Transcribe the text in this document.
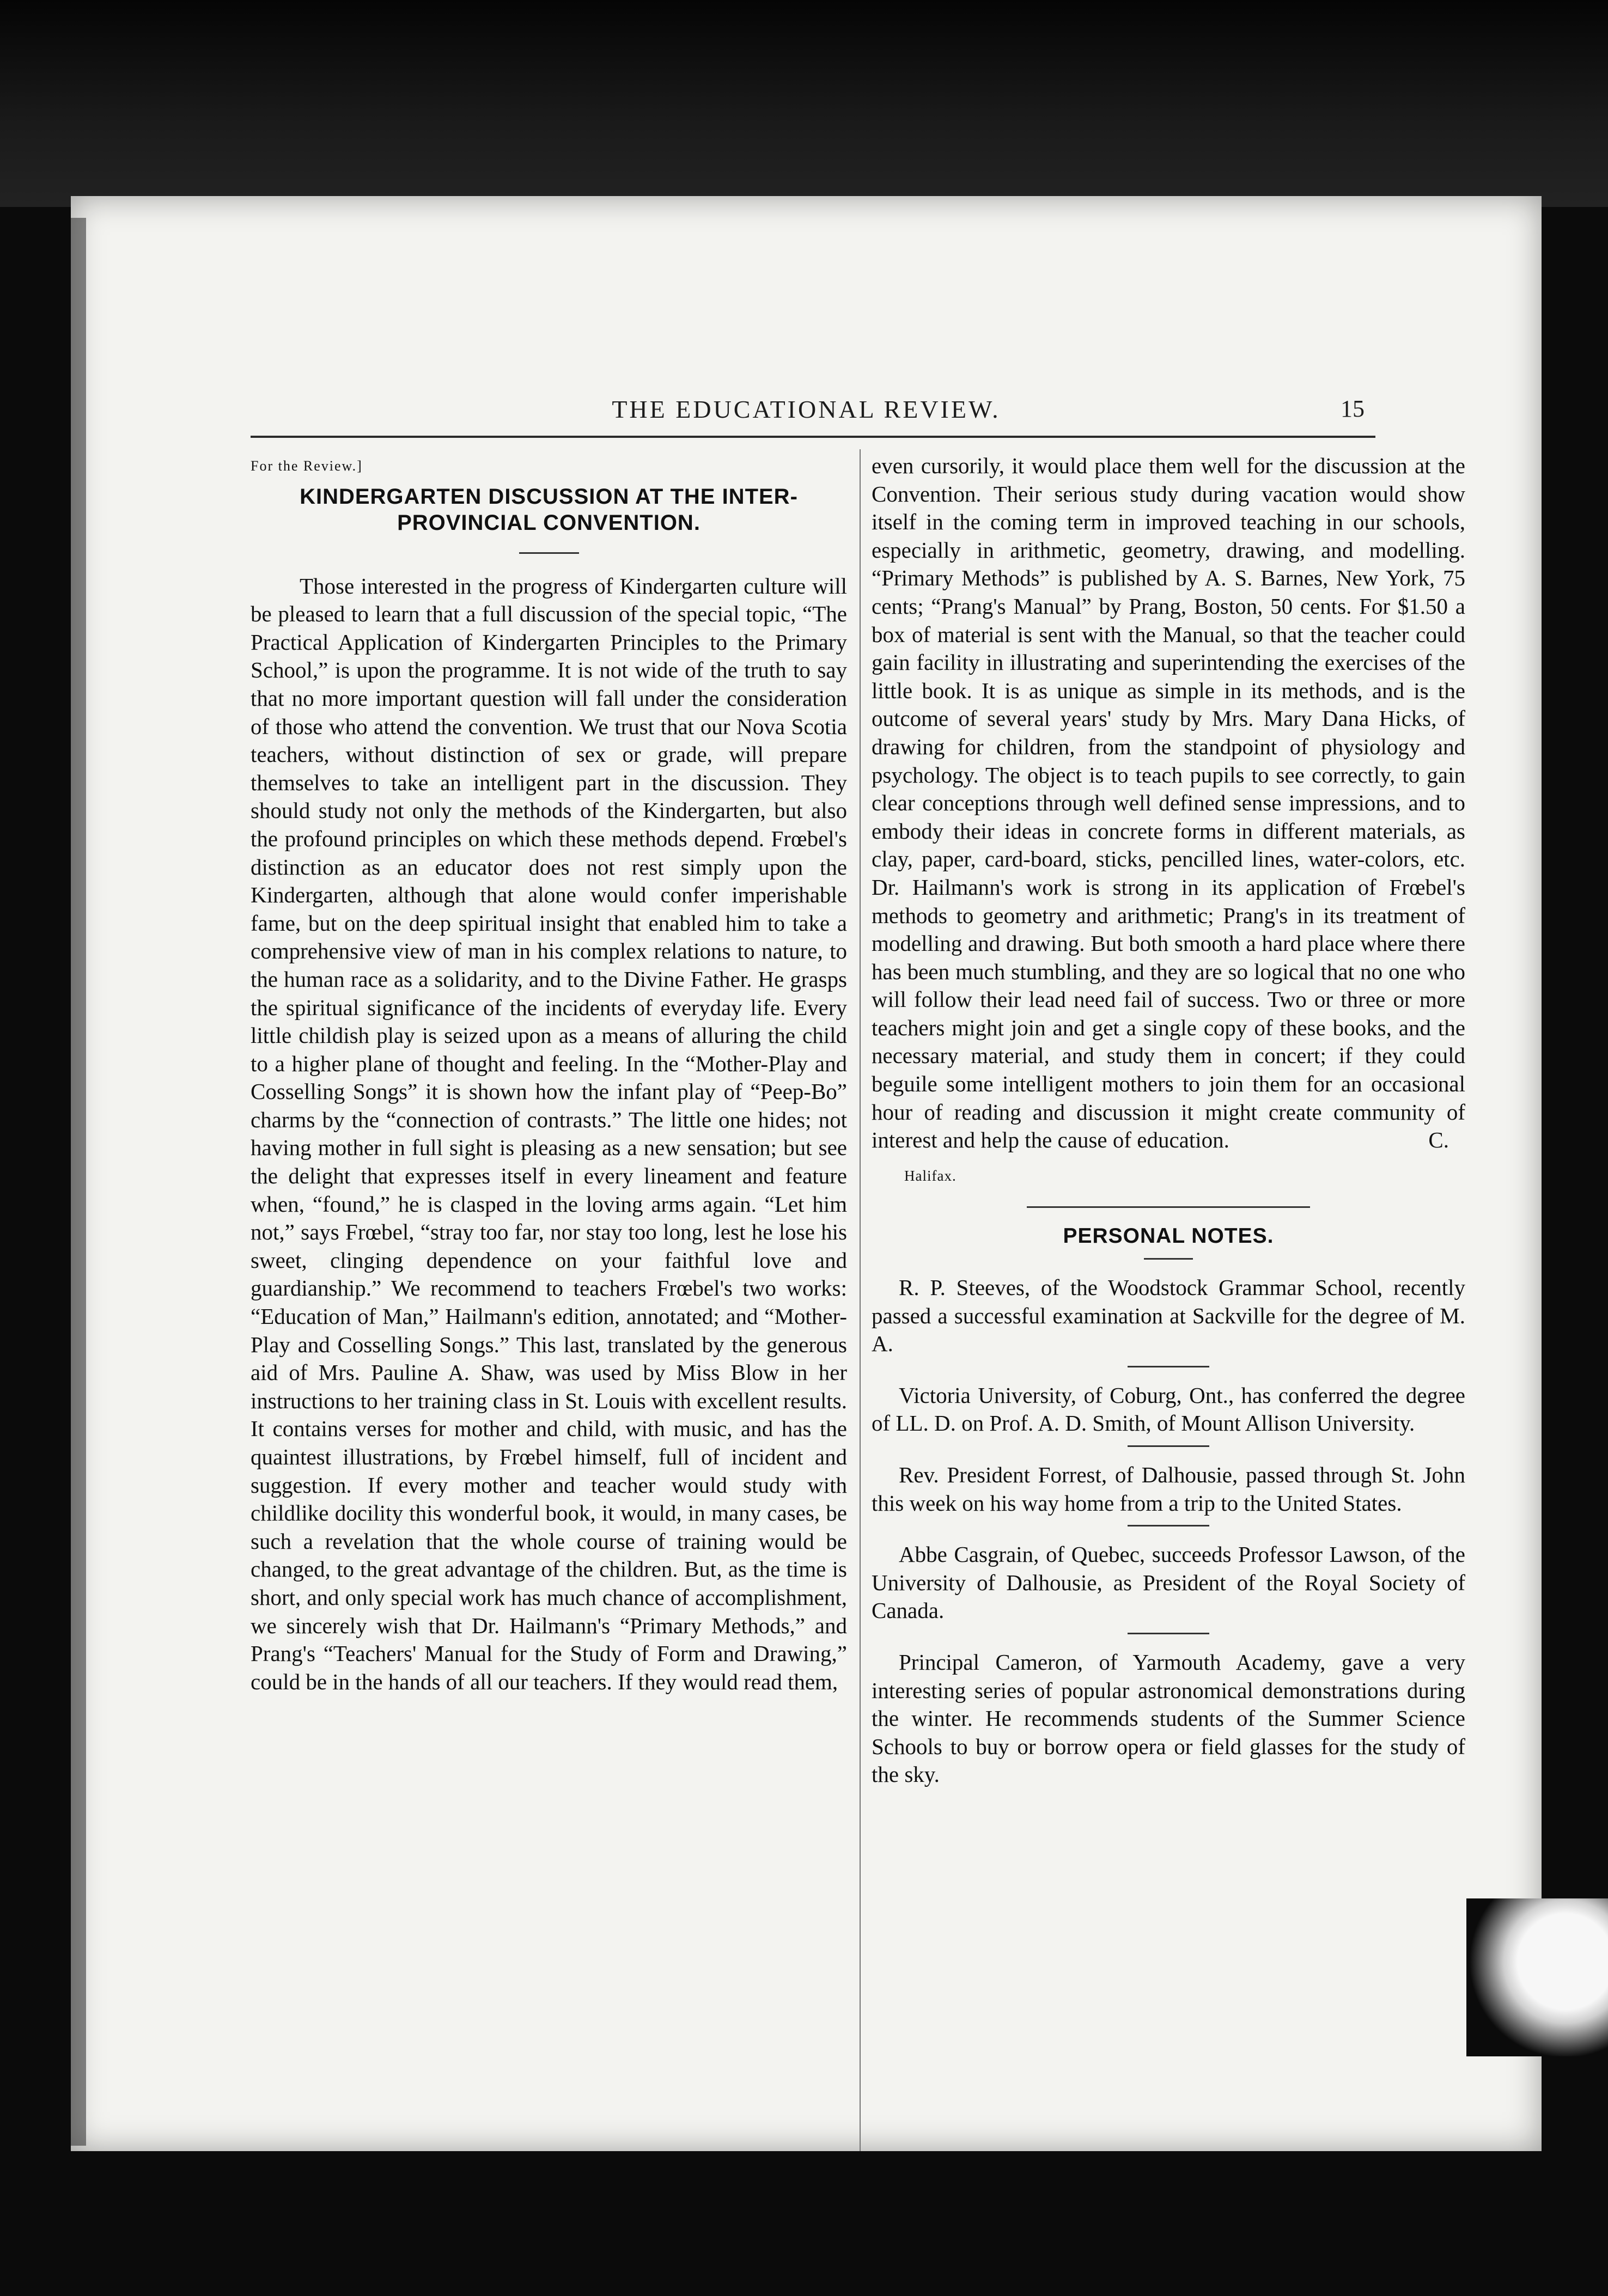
THE EDUCATIONAL REVIEW.	15
For the Review.]
KINDERGARTEN DISCUSSION AT THE INTER-PROVINCIAL CONVENTION.

Those interested in the progress of Kindergarten culture will be pleased to learn that a full discussion of the special topic, “The Practical Application of Kindergarten Principles to the Primary School,” is upon the programme. It is not wide of the truth to say that no more important question will fall under the consideration of those who attend the convention. We trust that our Nova Scotia teachers, without distinction of sex or grade, will prepare themselves to take an intelligent part in the discussion. They should study not only the methods of the Kindergarten, but also the profound principles on which these methods depend. Frœbel's distinction as an educator does not rest simply upon the Kindergarten, although that alone would confer imperishable fame, but on the deep spiritual insight that enabled him to take a comprehensive view of man in his complex relations to nature, to the human race as a solidarity, and to the Divine Father. He grasps the spiritual significance of the incidents of everyday life. Every little childish play is seized upon as a means of alluring the child to a higher plane of thought and feeling. In the “Mother-Play and Cosselling Songs” it is shown how the infant play of “Peep-Bo” charms by the “connection of contrasts.” The little one hides; not having mother in full sight is pleasing as a new sensation; but see the delight that expresses itself in every lineament and feature when, “found,” he is clasped in the loving arms again. “Let him not,” says Frœbel, “stray too far, nor stay too long, lest he lose his sweet, clinging dependence on your faithful love and guardianship.” We recommend to teachers Frœbel's two works: “Education of Man,” Hailmann's edition, annotated; and “Mother-Play and Cosselling Songs.” This last, translated by the generous aid of Mrs. Pauline A. Shaw, was used by Miss Blow in her instructions to her training class in St. Louis with excellent results. It contains verses for mother and child, with music, and has the quaintest illustrations, by Frœbel himself, full of incident and suggestion. If every mother and teacher would study with childlike docility this wonderful book, it would, in many cases, be such a revelation that the whole course of training would be changed, to the great advantage of the children. But, as the time is short, and only special work has much chance of accomplishment, we sincerely wish that Dr. Hailmann's “Primary Methods,” and Prang's “Teachers' Manual for the Study of Form and Drawing,” could be in the hands of all our teachers. If they would read them,

even cursorily, it would place them well for the discussion at the Convention. Their serious study during vacation would show itself in the coming term in improved teaching in our schools, especially in arithmetic, geometry, drawing, and modelling. “Primary Methods” is published by A. S. Barnes, New York, 75 cents; “Prang's Manual” by Prang, Boston, 50 cents. For $1.50 a box of material is sent with the Manual, so that the teacher could gain facility in illustrating and superintending the exercises of the little book. It is as unique as simple in its methods, and is the outcome of several years' study by Mrs. Mary Dana Hicks, of drawing for children, from the standpoint of physiology and psychology. The object is to teach pupils to see correctly, to gain clear conceptions through well defined sense impressions, and to embody their ideas in concrete forms in different materials, as clay, paper, card-board, sticks, pencilled lines, water-colors, etc. Dr. Hailmann's work is strong in its application of Frœbel's methods to geometry and arithmetic; Prang's in its treatment of modelling and drawing. But both smooth a hard place where there has been much stumbling, and they are so logical that no one who will follow their lead need fail of success. Two or three or more teachers might join and get a single copy of these books, and the necessary material, and study them in concert; if they could beguile some intelligent mothers to join them for an occasional hour of reading and discussion it might create community of interest and help the cause of education.	C.

Halifax.
PERSONAL NOTES.

R. P. Steeves, of the Woodstock Grammar School, recently passed a successful examination at Sackville for the degree of M. A.

Victoria University, of Coburg, Ont., has conferred the degree of LL. D. on Prof. A. D. Smith, of Mount Allison University.

Rev. President Forrest, of Dalhousie, passed through St. John this week on his way home from a trip to the United States.

Abbe Casgrain, of Quebec, succeeds Professor Lawson, of the University of Dalhousie, as President of the Royal Society of Canada.

Principal Cameron, of Yarmouth Academy, gave a very interesting series of popular astronomical demonstrations during the winter. He recommends students of the Summer Science Schools to buy or borrow opera or field glasses for the study of the sky.
